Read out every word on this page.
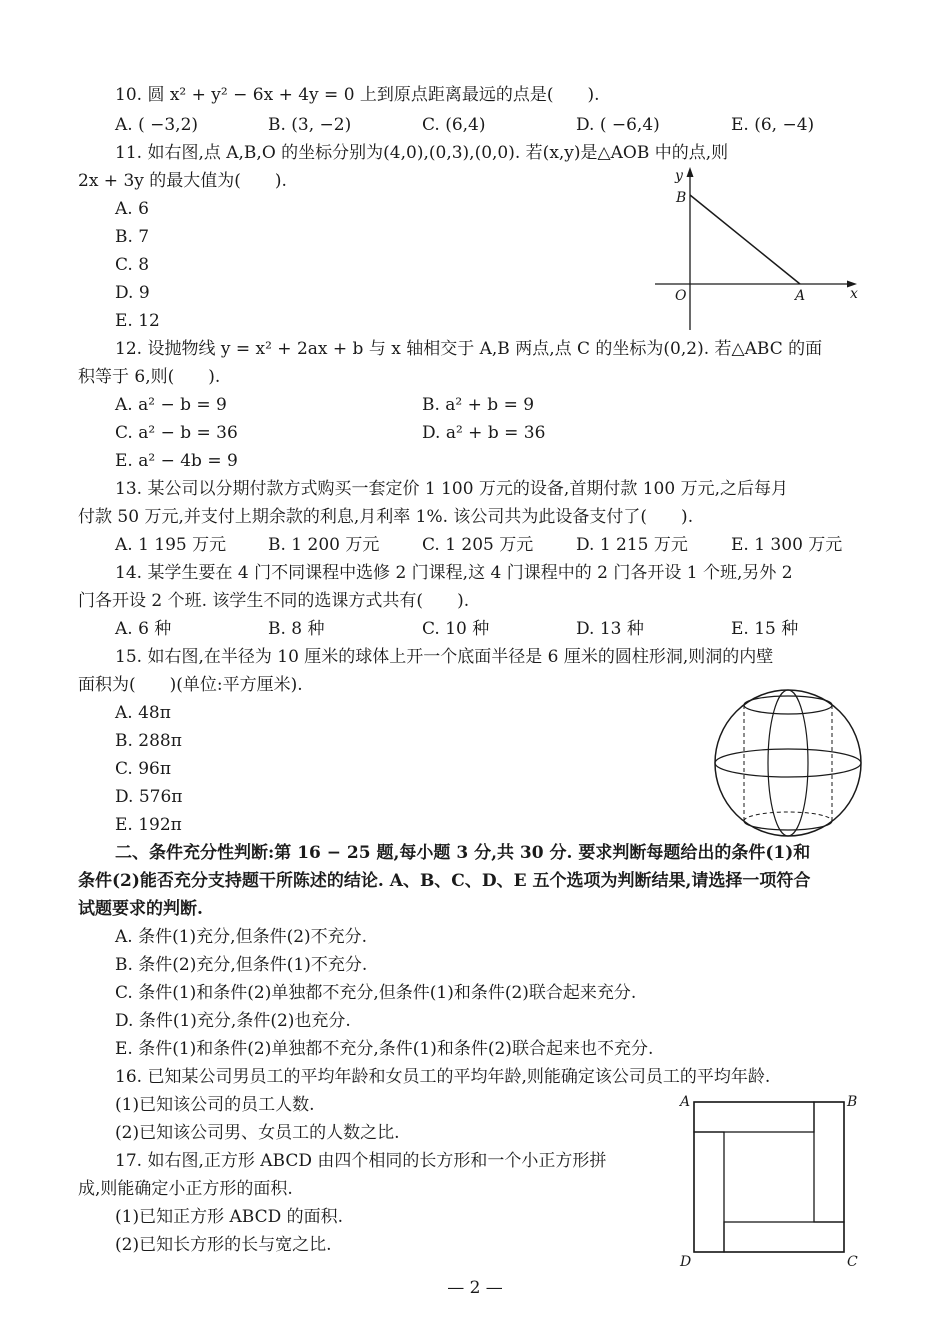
10. 圆 x² + y² − 6x + 4y = 0 上到原点距离最远的点是(　　).
A. ( −3,2)	B. (3, −2)	C. (6,4)	D. ( −6,4)	E. (6, −4)
11. 如右图,点 A,B,O 的坐标分别为(4,0),(0,3),(0,0). 若(x,y)是△AOB 中的点,则
2x + 3y 的最大值为(　　).
A. 6
B. 7
C. 8
D. 9
E. 12
y
B
O	A	x
12. 设抛物线 y = x² + 2ax + b 与 x 轴相交于 A,B 两点,点 C 的坐标为(0,2). 若△ABC 的面
积等于 6,则(　　).
A. a² − b = 9	B. a² + b = 9
C. a² − b = 36	D. a² + b = 36
E. a² − 4b = 9
13. 某公司以分期付款方式购买一套定价 1 100 万元的设备,首期付款 100 万元,之后每月
付款 50 万元,并支付上期余款的利息,月利率 1%. 该公司共为此设备支付了(　　).
A. 1 195 万元 B. 1 200 万元	C. 1 205 万元	D. 1 215 万元	E. 1 300 万元
14. 某学生要在 4 门不同课程中选修 2 门课程,这 4 门课程中的 2 门各开设 1 个班,另外 2
门各开设 2 个班. 该学生不同的选课方式共有(　　).
A. 6 种	B. 8 种	C. 10 种	D. 13 种	E. 15 种
15. 如右图,在半径为 10 厘米的球体上开一个底面半径是 6 厘米的圆柱形洞,则洞的内壁
面积为(　　)(单位:平方厘米).
A. 48π
B. 288π
C. 96π
D. 576π
E. 192π
二、条件充分性判断:第 16 − 25 题,每小题 3 分,共 30 分. 要求判断每题给出的条件(1)和
条件(2)能否充分支持题干所陈述的结论. A、B、C、D、E 五个选项为判断结果,请选择一项符合
试题要求的判断.
A. 条件(1)充分,但条件(2)不充分.
B. 条件(2)充分,但条件(1)不充分.
C. 条件(1)和条件(2)单独都不充分,但条件(1)和条件(2)联合起来充分.
D. 条件(1)充分,条件(2)也充分.
E. 条件(1)和条件(2)单独都不充分,条件(1)和条件(2)联合起来也不充分.
16. 已知某公司男员工的平均年龄和女员工的平均年龄,则能确定该公司员工的平均年龄.
(1)已知该公司的员工人数.
(2)已知该公司男、女员工的人数之比.
17. 如右图,正方形 ABCD 由四个相同的长方形和一个小正方形拼
成,则能确定小正方形的面积.
(1)已知正方形 ABCD 的面积.
(2)已知长方形的长与宽之比.
A	B
D	C
— 2 —
